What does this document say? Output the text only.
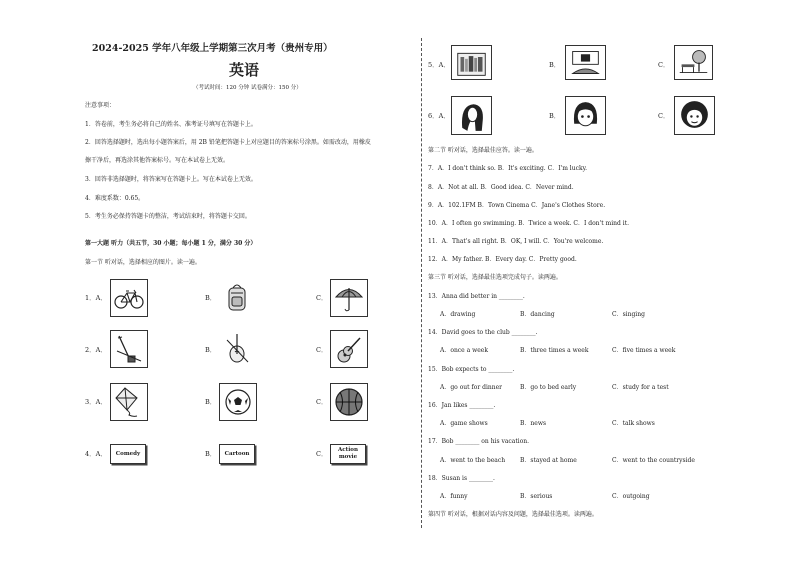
2024-2025 学年八年级上学期第三次月考（贵州专用）
英语
（考试时间：120 分钟 试卷满分：150 分）
注意事项：
1．答卷前，考生务必将自己的姓名、准考证号填写在答题卡上。
2．回答选择题时，选出每小题答案后，用 2B 铅笔把答题卡上对应题目的答案标号涂黑。如需改动，用橡皮
擦干净后，再选涂其他答案标号。写在本试卷上无效。
3．回答非选择题时，将答案写在答题卡上。写在本试卷上无效。
4．难度系数：0.65。
5．考生务必保持答题卡的整洁，考试结束时，将答题卡交回。
第一大题 听力（共五节，30 小题；每小题 1 分，满分 30 分）
第一节 听对话，选择相应的图片。读一遍。
1．A．	B．	C．
2．A．	B．	C．
3．A．	B．	C．
4．A．	Comedy	B．	Cartoon	C．	Action movie
5．A．	B．	C．
6．A．	B．	C．
第二节 听对话，选择最佳应答。读一遍。
7．A．I don't think so. B．It's exciting. C．I'm lucky.
8．A．Not at all. B．Good idea. C．Never mind.
9．A．102.1FM B．Town Cinema C．Jane's Clothes Store.
10．A．I often go swimming. B．Twice a week. C．I don't mind it.
11．A．That's all right. B．OK, I will. C．You're welcome.
12．A．My father. B．Every day. C．Pretty good.
第三节 听对话，选择最佳选项完成句子。读两遍。
13．Anna did better in ________.
A．drawing	B．dancing	C．singing
14．David goes to the club ________.
A．once a week	B．three times a week	C．five times a week
15．Bob expects to ________.
A．go out for dinner	B．go to bed early	C．study for a test
16．Jan likes ________.
A．game shows	B．news	C．talk shows
17．Bob ________ on his vacation.
A．went to the beach B．stayed at home	C．went to the countryside
18．Susan is ________.
A．funny	B．serious	C．outgoing
第四节 听对话，根据对话内容及问题，选择最佳选项。读两遍。
